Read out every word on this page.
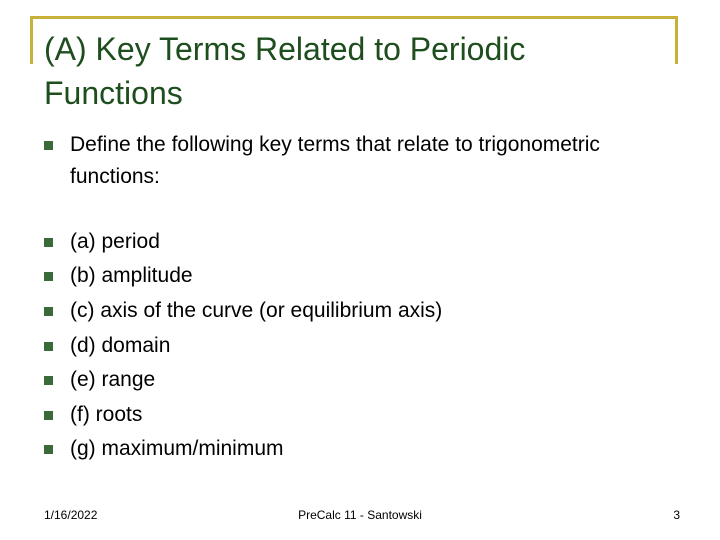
(A) Key Terms Related to Periodic Functions
Define the following key terms that relate to trigonometric functions:
(a) period
(b) amplitude
(c) axis of the curve (or equilibrium axis)
(d) domain
(e) range
(f) roots
(g) maximum/minimum
1/16/2022	PreCalc 11 - Santowski	3
